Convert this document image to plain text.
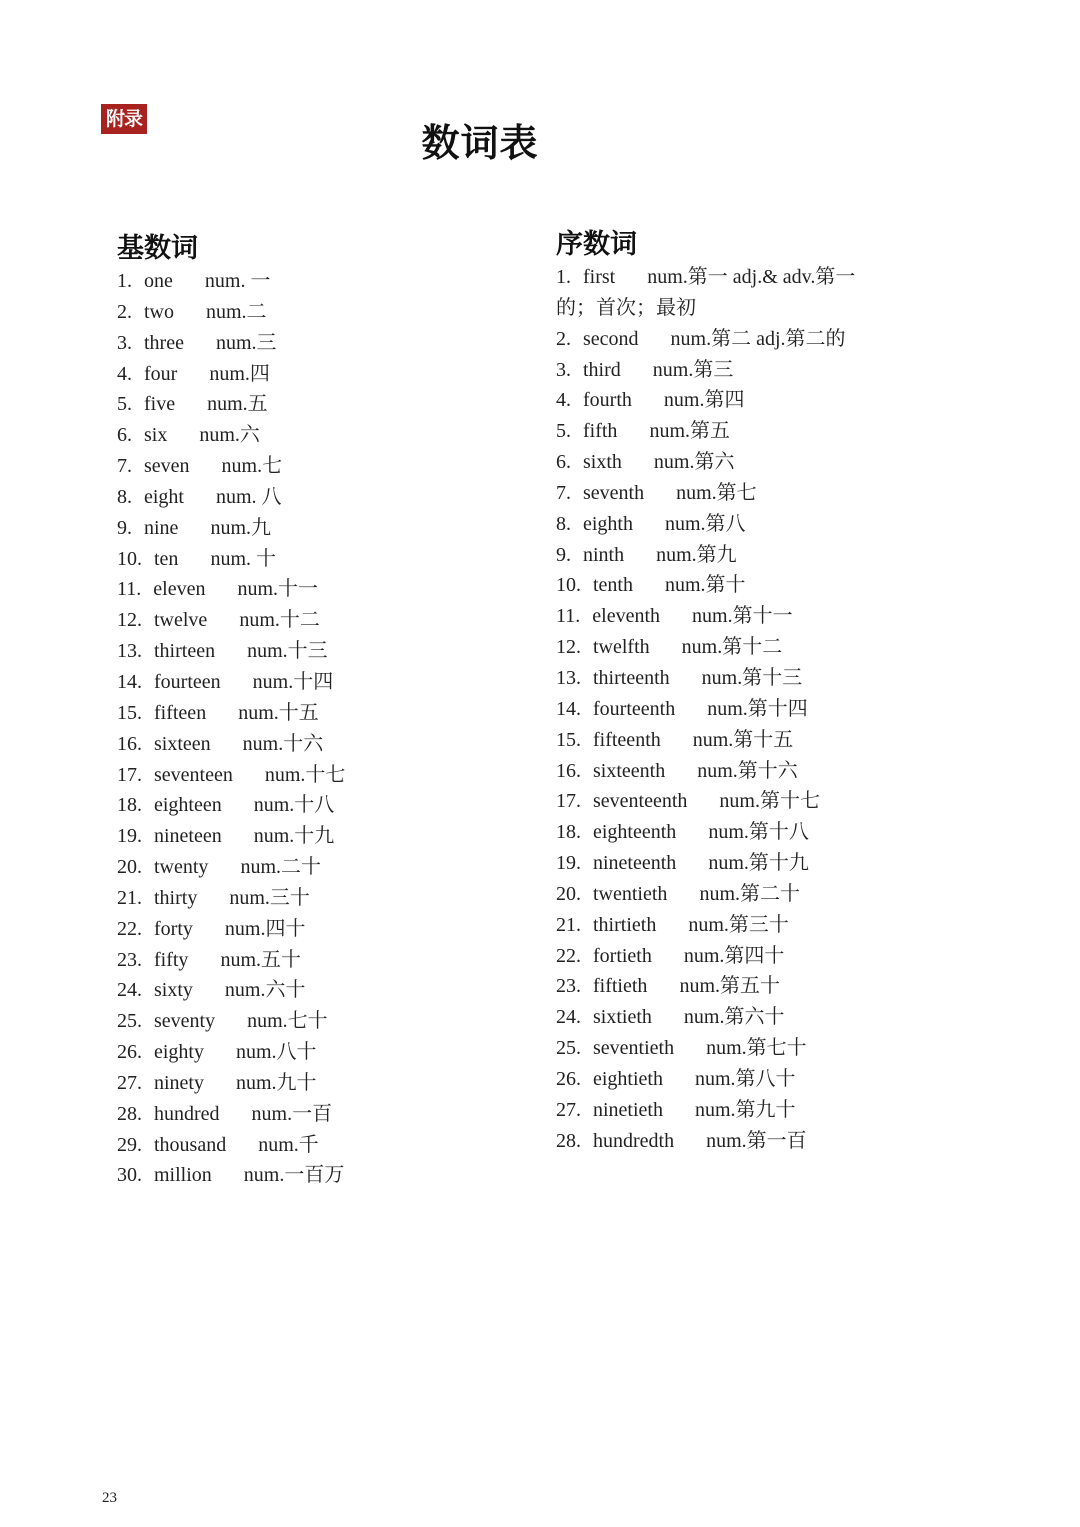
附录
数词表
基数词
1. one num. 一
2. two num.二
3. three num.三
4. four num.四
5. five num.五
6. six num.六
7. seven num.七
8. eight num. 八
9. nine num.九
10. ten num. 十
11. eleven num.十一
12. twelve num.十二
13. thirteen num.十三
14. fourteen num.十四
15. fifteen num.十五
16. sixteen num.十六
17. seventeen num.十七
18. eighteen num.十八
19. nineteen num.十九
20. twenty num.二十
21. thirty num.三十
22. forty num.四十
23. fifty num.五十
24. sixty num.六十
25. seventy num.七十
26. eighty num.八十
27. ninety num.九十
28. hundred num.一百
29. thousand num.千
30. million num.一百万
序数词
1. first num.第一 adj.& adv.第一的；首次；最初
2. second num.第二 adj.第二的
3. third num.第三
4. fourth num.第四
5. fifth num.第五
6. sixth num.第六
7. seventh num.第七
8. eighth num.第八
9. ninth num.第九
10. tenth num.第十
11. eleventh num.第十一
12. twelfth num.第十二
13. thirteenth num.第十三
14. fourteenth num.第十四
15. fifteenth num.第十五
16. sixteenth num.第十六
17. seventeenth num.第十七
18. eighteenth num.第十八
19. nineteenth num.第十九
20. twentieth num.第二十
21. thirtieth num.第三十
22. fortieth num.第四十
23. fiftieth num.第五十
24. sixtieth num.第六十
25. seventieth num.第七十
26. eightieth num.第八十
27. ninetieth num.第九十
28. hundredth num.第一百
23
